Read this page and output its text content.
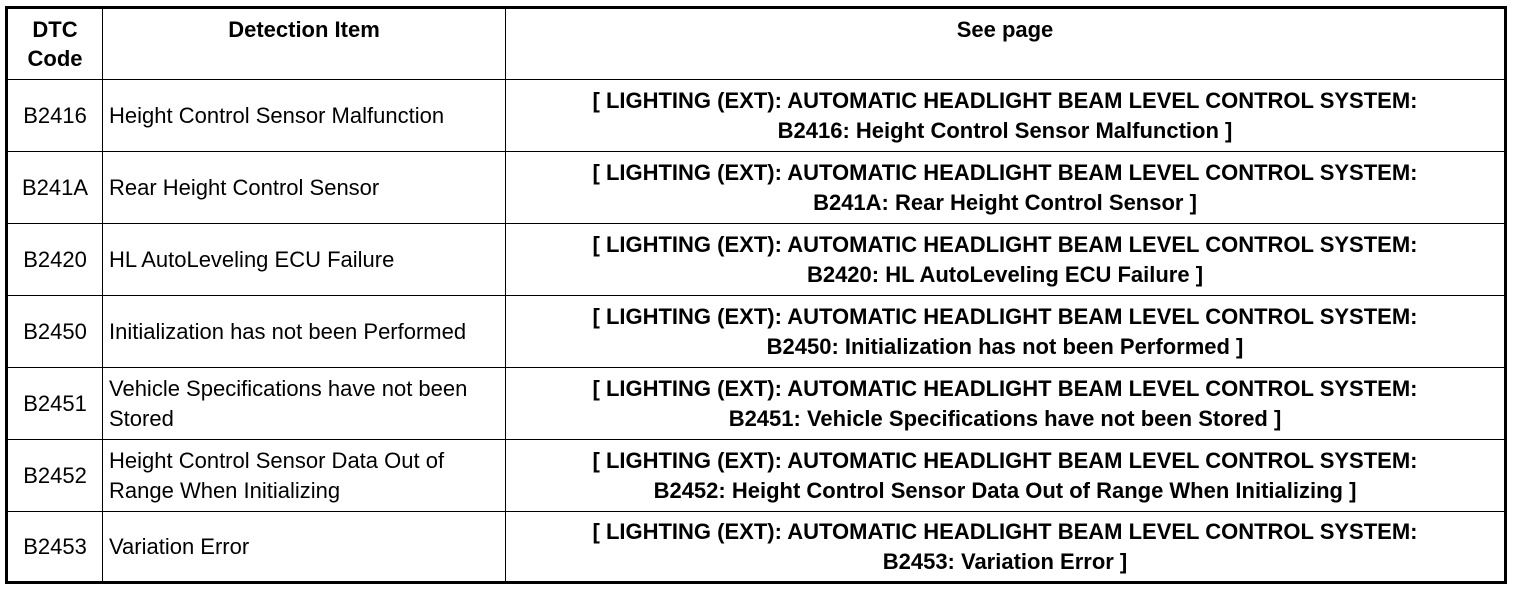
DTC
Code	Detection Item	See page
B2416	Height Control Sensor Malfunction	[ LIGHTING (EXT): AUTOMATIC HEADLIGHT BEAM LEVEL CONTROL SYSTEM:
B2416: Height Control Sensor Malfunction ]

B241A	Rear Height Control Sensor	[ LIGHTING (EXT): AUTOMATIC HEADLIGHT BEAM LEVEL CONTROL SYSTEM:
B241A: Rear Height Control Sensor ]

B2420	HL AutoLeveling ECU Failure	[ LIGHTING (EXT): AUTOMATIC HEADLIGHT BEAM LEVEL CONTROL SYSTEM:
B2420: HL AutoLeveling ECU Failure ]

B2450	Initialization has not been Performed	[ LIGHTING (EXT): AUTOMATIC HEADLIGHT BEAM LEVEL CONTROL SYSTEM:
B2450: Initialization has not been Performed ]

B2451	Vehicle Specifications have not been Stored	[ LIGHTING (EXT): AUTOMATIC HEADLIGHT BEAM LEVEL CONTROL SYSTEM:
B2451: Vehicle Specifications have not been Stored ]

B2452	Height Control Sensor Data Out of Range When Initializing	[ LIGHTING (EXT): AUTOMATIC HEADLIGHT BEAM LEVEL CONTROL SYSTEM:
B2452: Height Control Sensor Data Out of Range When Initializing ]

B2453	Variation Error	[ LIGHTING (EXT): AUTOMATIC HEADLIGHT BEAM LEVEL CONTROL SYSTEM:
B2453: Variation Error ]
